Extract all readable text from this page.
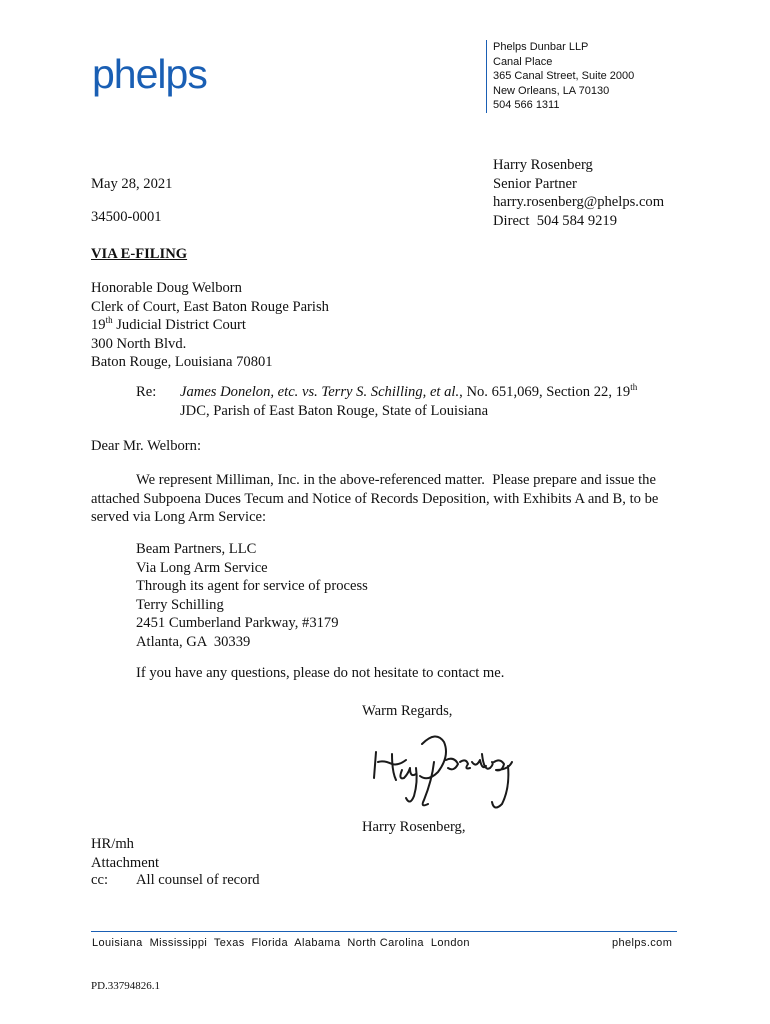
phelps
Phelps Dunbar LLP
Canal Place
365 Canal Street, Suite 2000
New Orleans, LA 70130
504 566 1311
Harry Rosenberg
Senior Partner
harry.rosenberg@phelps.com
Direct  504 584 9219
May 28, 2021
34500-0001
VIA E-FILING
Honorable Doug Welborn
Clerk of Court, East Baton Rouge Parish
19th Judicial District Court
300 North Blvd.
Baton Rouge, Louisiana 70801
Re: James Donelon, etc. vs. Terry S. Schilling, et al., No. 651,069, Section 22, 19th
JDC, Parish of East Baton Rouge, State of Louisiana
Dear Mr. Welborn:
We represent Milliman, Inc. in the above-referenced matter.  Please prepare and issue the
attached Subpoena Duces Tecum and Notice of Records Deposition, with Exhibits A and B, to be
served via Long Arm Service:
Beam Partners, LLC
Via Long Arm Service
Through its agent for service of process
Terry Schilling
2451 Cumberland Parkway, #3179
Atlanta, GA  30339
If you have any questions, please do not hesitate to contact me.
Warm Regards,
Harry Rosenberg,
HR/mh
Attachment
cc: All counsel of record
Louisiana  Mississippi  Texas  Florida  Alabama  North Carolina  London	phelps.com
PD.33794826.1
